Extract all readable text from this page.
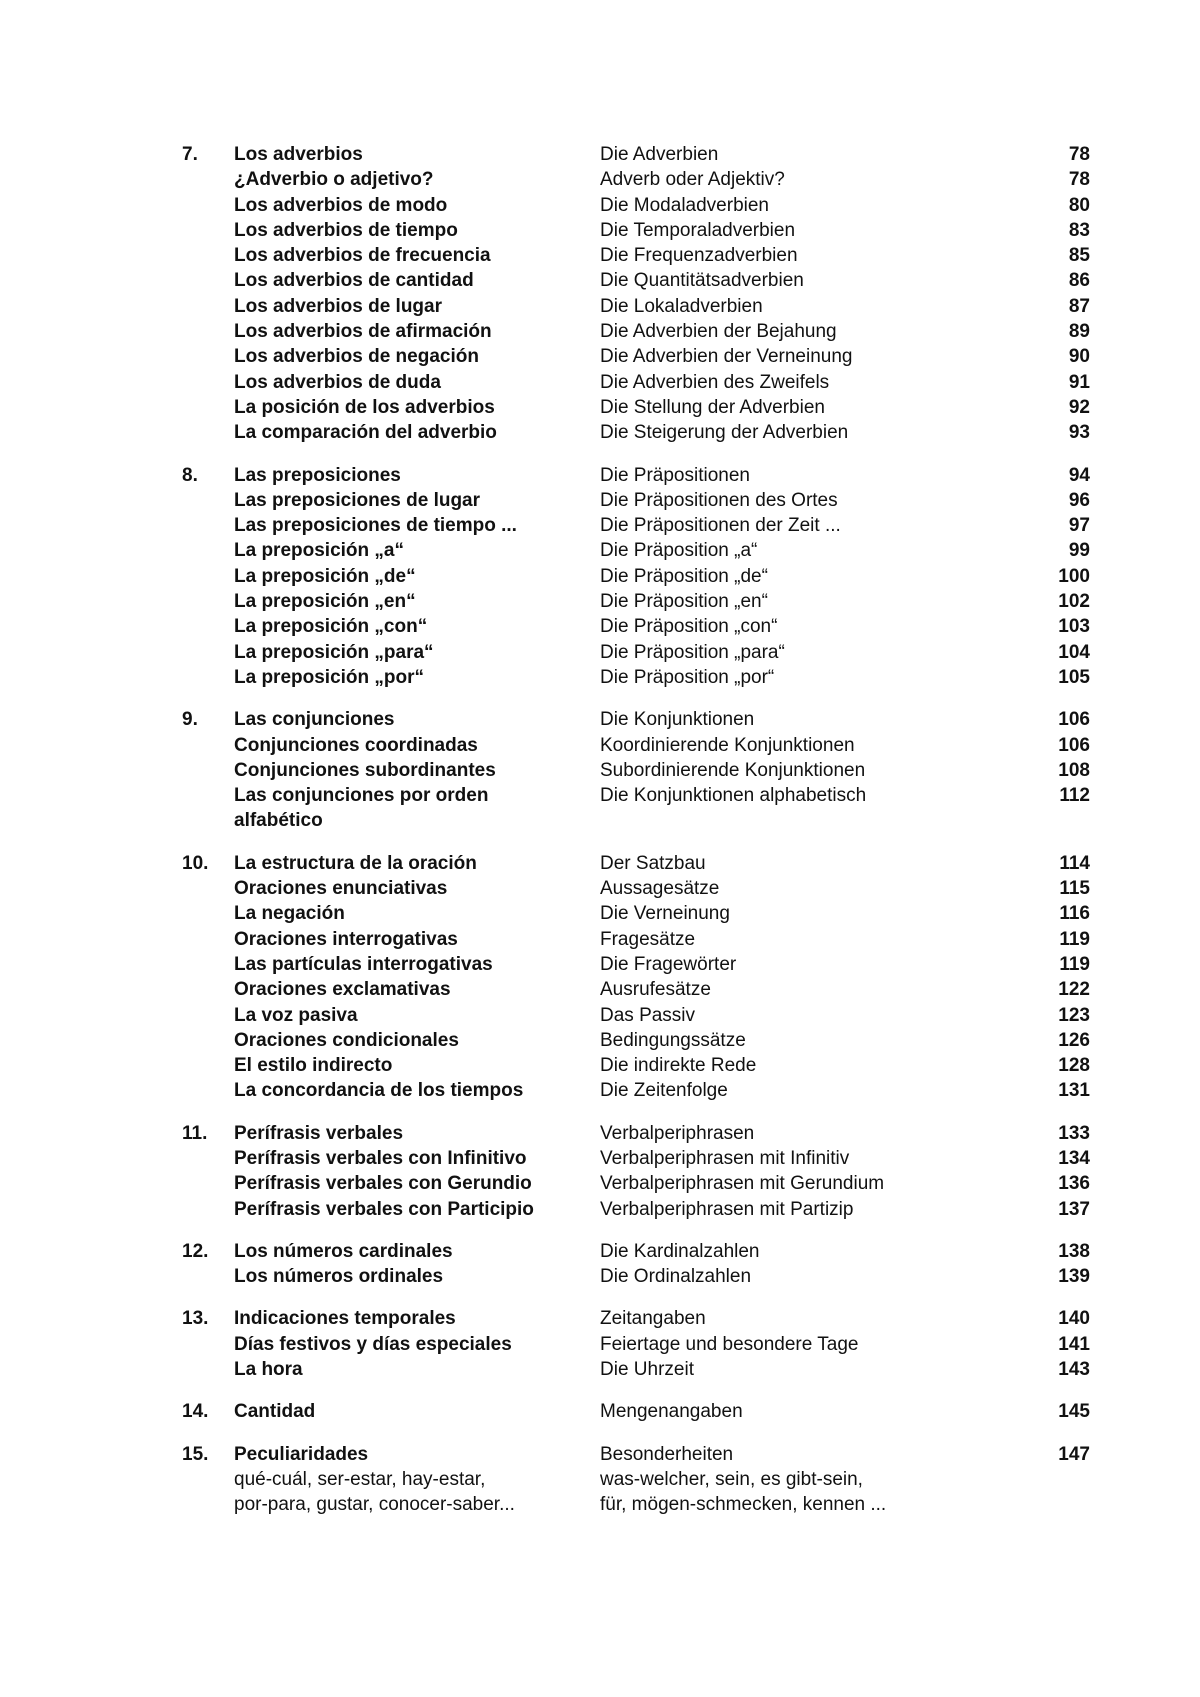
7.	Los adverbios	Die Adverbien	78
¿Adverbio o adjetivo?	Adverb oder Adjektiv?	78
Los adverbios de modo	Die Modaladverbien	80
Los adverbios de tiempo	Die Temporaladverbien	83
Los adverbios de frecuencia	Die Frequenzadverbien	85
Los adverbios de cantidad	Die Quantitätsadverbien	86
Los adverbios de lugar	Die Lokaladverbien	87
Los adverbios de afirmación	Die Adverbien der Bejahung	89
Los adverbios de negación	Die Adverbien der Verneinung	90
Los adverbios de duda	Die Adverbien des Zweifels	91
La posición de los adverbios	Die Stellung der Adverbien	92
La comparación del adverbio	Die Steigerung der Adverbien	93
8.	Las preposiciones	Die Präpositionen	94
Las preposiciones de lugar	Die Präpositionen des Ortes	96
Las preposiciones de tiempo ...	Die Präpositionen der Zeit ...	97
La preposición „a“	Die Präposition „a“	99
La preposición „de“	Die Präposition „de“	100
La preposición „en“	Die Präposition „en“	102
La preposición „con“	Die Präposition „con“	103
La preposición „para“	Die Präposition „para“	104
La preposición „por“	Die Präposition „por“	105
9.	Las conjunciones	Die Konjunktionen	106
Conjunciones coordinadas	Koordinierende Konjunktionen	106
Conjunciones subordinantes	Subordinierende Konjunktionen	108
Las conjunciones por orden	Die Konjunktionen alphabetisch	112
alfabético
10. La estructura de la oración	Der Satzbau	114
Oraciones enunciativas	Aussagesätze	115
La negación	Die Verneinung	116
Oraciones interrogativas	Fragesätze	119
Las partículas interrogativas	Die Fragewörter	119
Oraciones exclamativas	Ausrufesätze	122
La voz pasiva	Das Passiv	123
Oraciones condicionales	Bedingungssätze	126
El estilo indirecto	Die indirekte Rede	128
La concordancia de los tiempos	Die Zeitenfolge	131
11. Perífrasis verbales	Verbalperiphrasen	133
Perífrasis verbales con Infinitivo	Verbalperiphrasen mit Infinitiv	134
Perífrasis verbales con Gerundio	Verbalperiphrasen mit Gerundium	136
Perífrasis verbales con Participio	Verbalperiphrasen mit Partizip	137
12. Los números cardinales	Die Kardinalzahlen	138
Los números ordinales	Die Ordinalzahlen	139
13. Indicaciones temporales	Zeitangaben	140
Días festivos y días especiales	Feiertage und besondere Tage	141
La hora	Die Uhrzeit	143
14. Cantidad	Mengenangaben	145
15. Peculiaridades	Besonderheiten	147
qué-cuál, ser-estar, hay-estar,	was-welcher, sein, es gibt-sein,
por-para, gustar, conocer-saber...	für, mögen-schmecken, kennen ...
